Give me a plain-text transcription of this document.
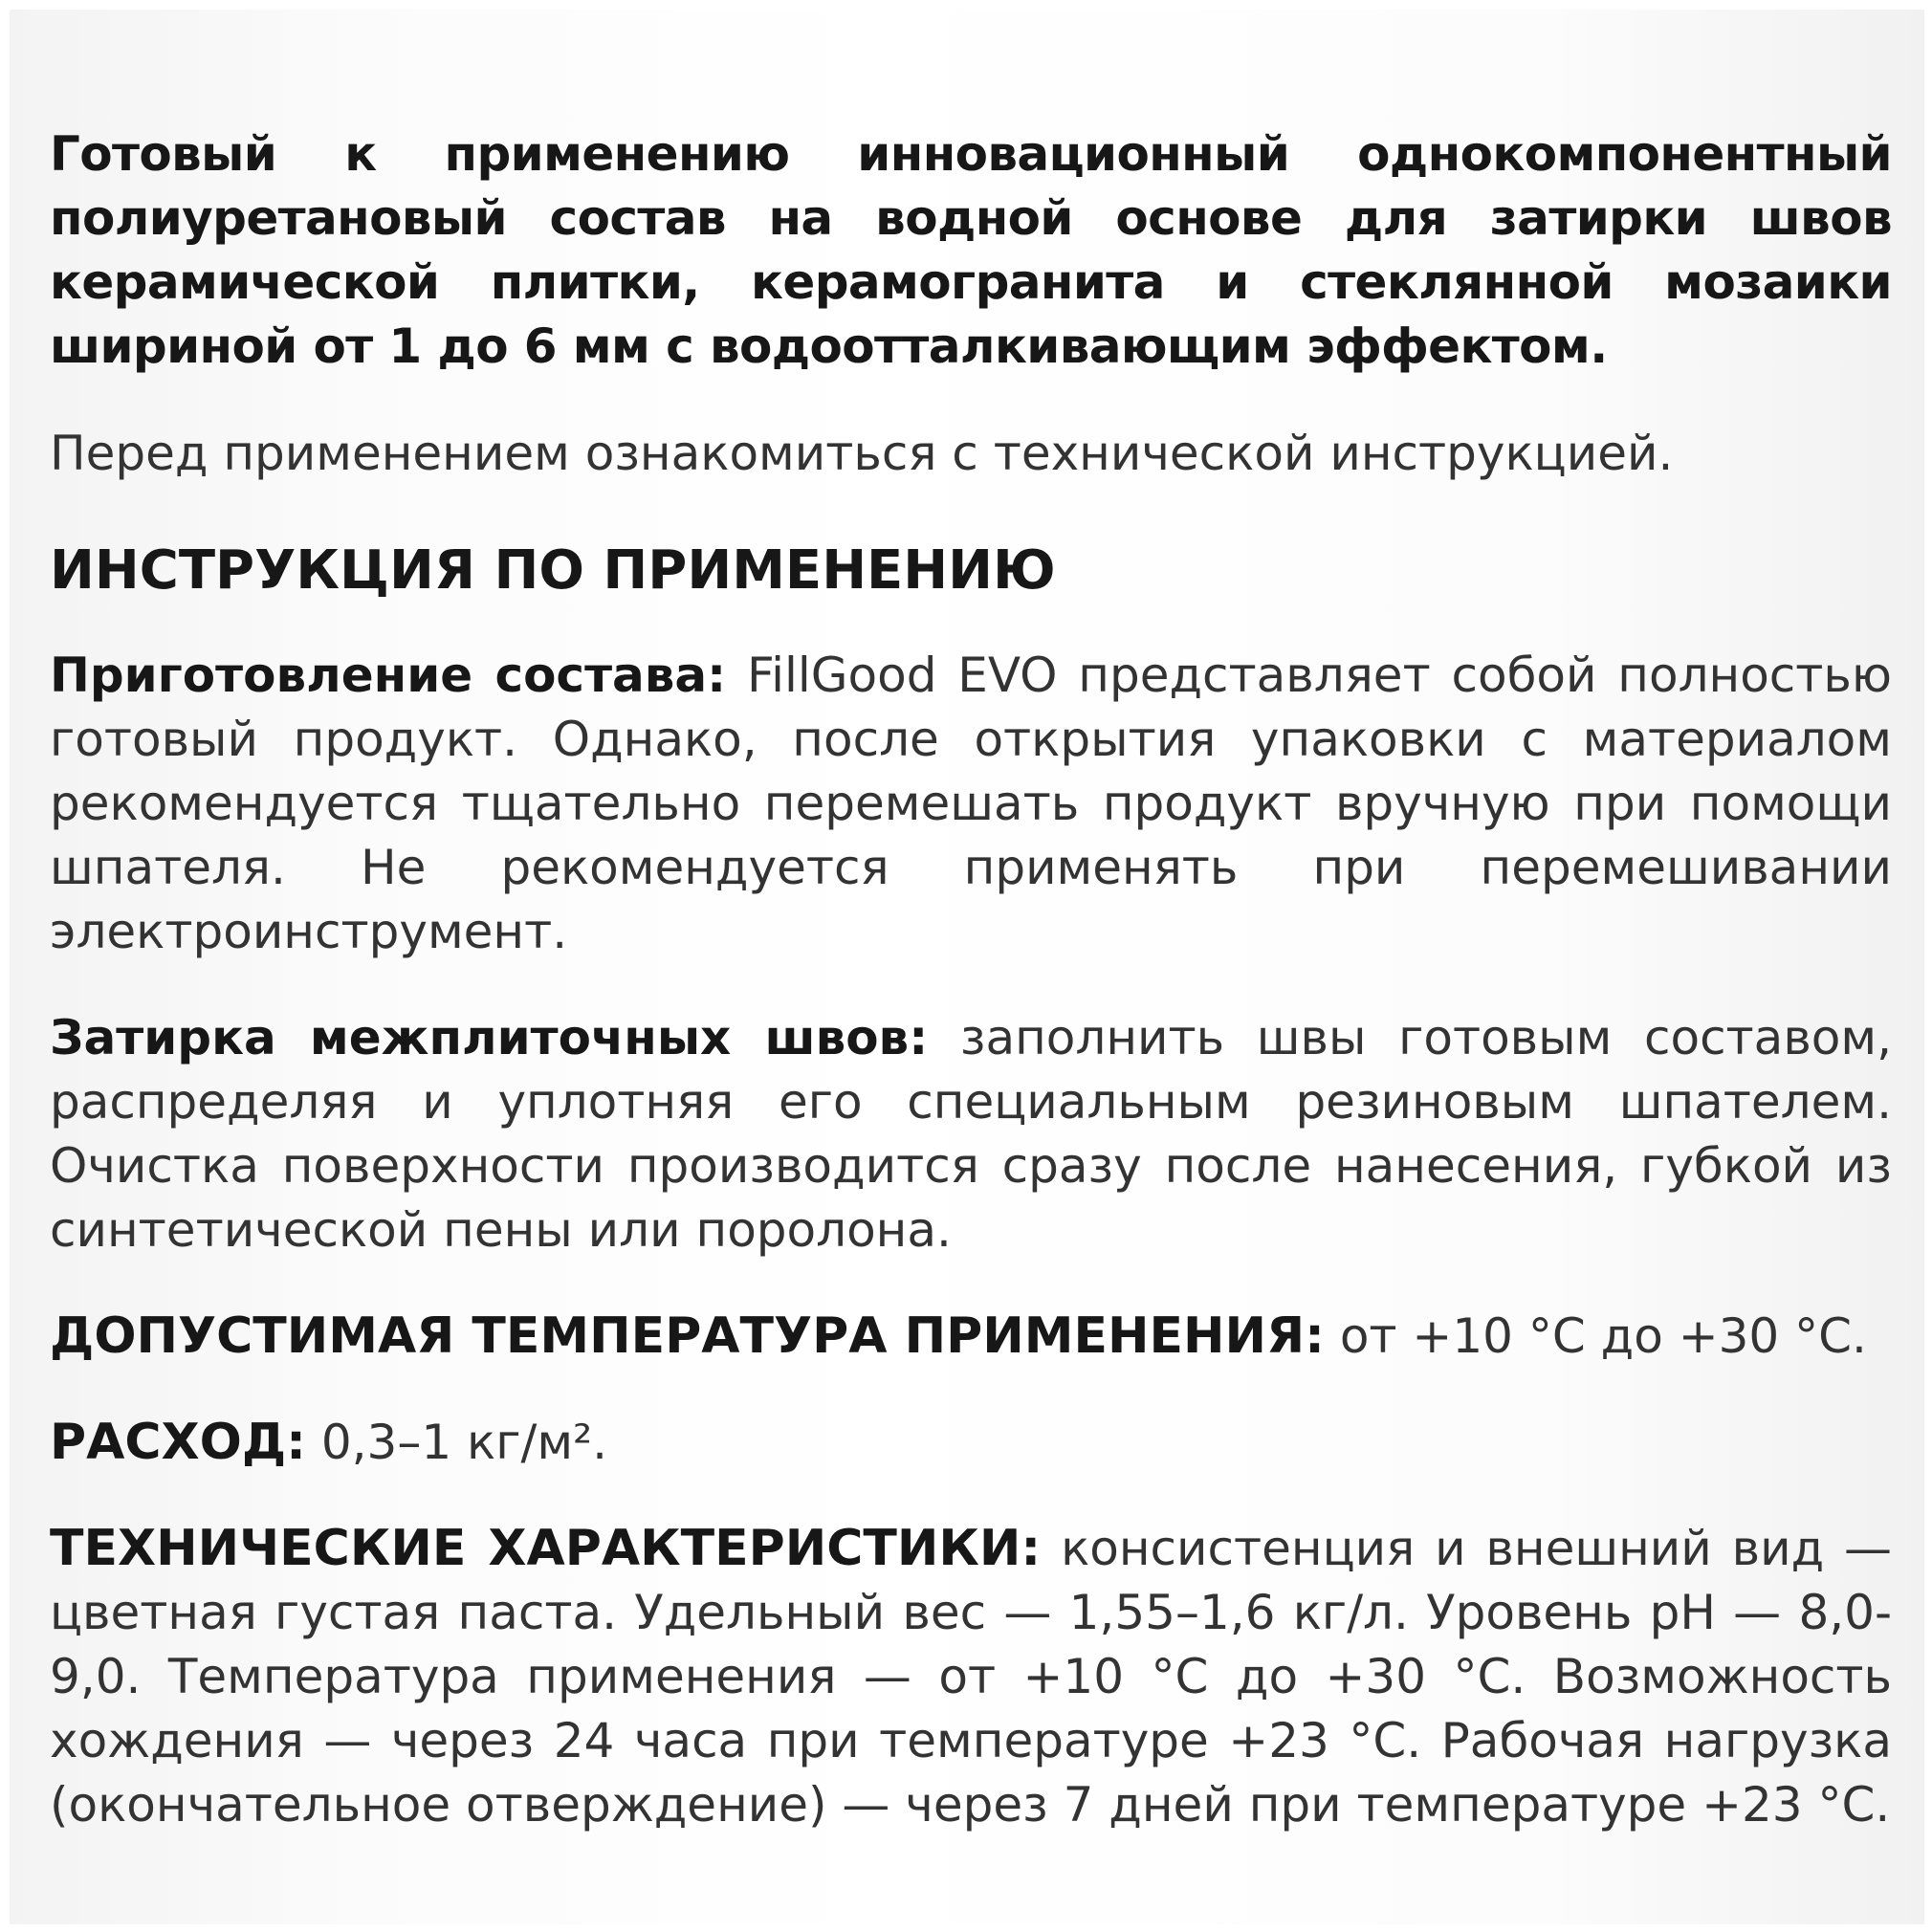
Готовый к применению инновационный однокомпонентный полиуретановый состав на водной основе для затирки швов керамической плитки, керамогранита и стеклянной мозаики шириной от 1 до 6 мм с водоотталкивающим эффектом.

Перед применением ознакомиться с технической инструкцией.

ИНСТРУКЦИЯ ПО ПРИМЕНЕНИЮ

Приготовление состава: FillGood EVO представляет собой полностью готовый продукт. Однако, после открытия упаковки с материалом рекомендуется тщательно перемешать продукт вручную при помощи шпателя. Не рекомендуется применять при перемешивании электроинструмент.

Затирка межплиточных швов: заполнить швы готовым составом, распределяя и уплотняя его специальным резиновым шпателем. Очистка поверхности производится сразу после нанесения, губкой из синтетической пены или поролона.

ДОПУСТИМАЯ ТЕМПЕРАТУРА ПРИМЕНЕНИЯ: от +10 °С до +30 °С.

РАСХОД: 0,3–1 кг/м².

ТЕХНИЧЕСКИЕ ХАРАКТЕРИСТИКИ: консистенция и внешний вид — цветная густая паста. Удельный вес — 1,55–1,6 кг/л. Уровень pH — 8,0-9,0. Температура применения — от +10 °С до +30 °С. Возможность хождения — через 24 часа при температуре +23 °С. Рабочая нагрузка (окончательное отверждение) — через 7 дней при температуре +23 °С.
